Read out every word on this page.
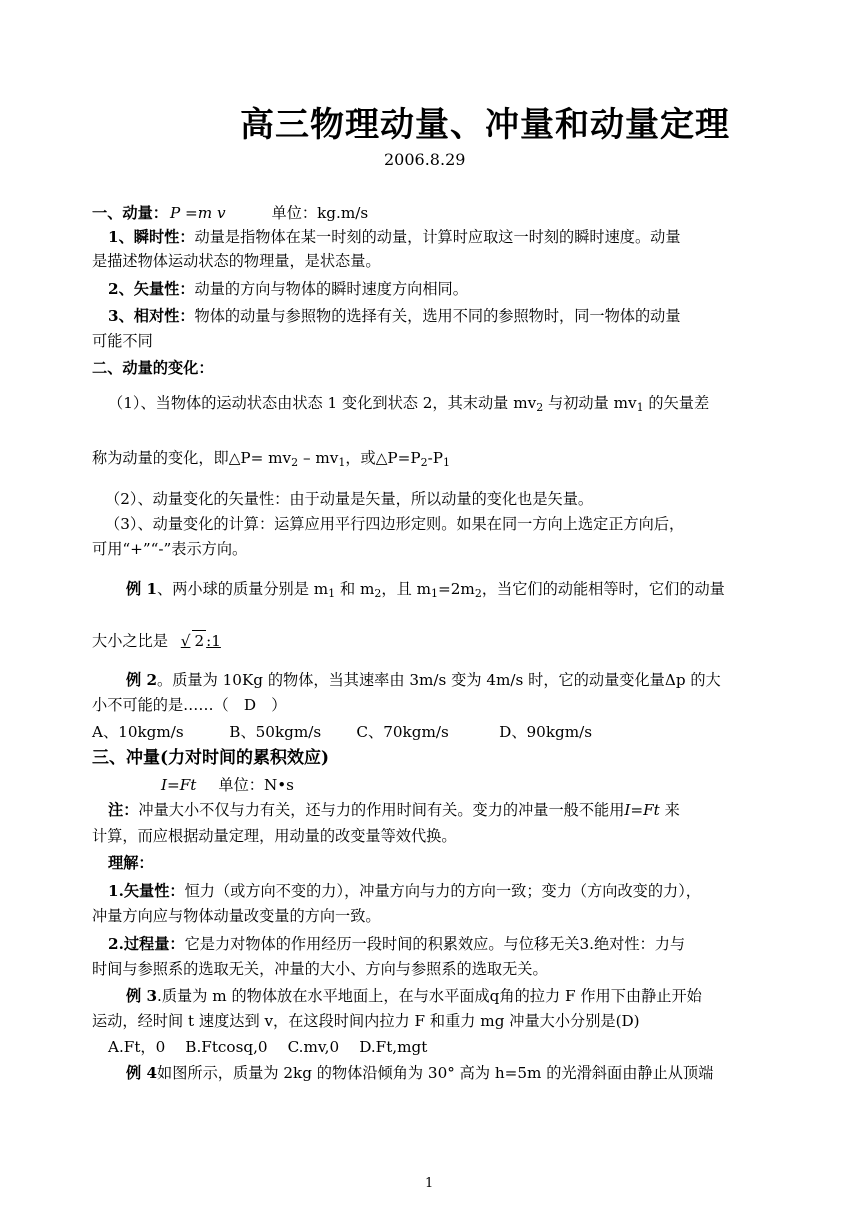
高三物理动量、冲量和动量定理
2006.8.29
一、动量： P =m v	单位：kg.m/s
1、瞬时性：动量是指物体在某一时刻的动量，计算时应取这一时刻的瞬时速度。动量
是描述物体运动状态的物理量，是状态量。
2、矢量性：动量的方向与物体的瞬时速度方向相同。
3、相对性：物体的动量与参照物的选择有关，选用不同的参照物时，同一物体的动量
可能不同
二、动量的变化：
（1）、当物体的运动状态由状态 1 变化到状态 2，其末动量 $mv_2$ 与初动量 $mv_1$ 的矢量差
称为动量的变化，即△P= $mv_2 - mv_1$，或$\triangle P=P_2-P_1$
（2）、动量变化的矢量性：由于动量是矢量，所以动量的变化也是矢量。
（3）、动量变化的计算：运算应用平行四边形定则。如果在同一方向上选定正方向后，
可用“+”“-”表示方向。
例 1、两小球的质量分别是 $m_1$ 和 $m_2$，且 $m_1=2m_2$，当它们的动能相等时，它们的动量
大小之比是 √ 2 :1
例 2。质量为 10Kg 的物体，当其速率由 3m/s 变为 4m/s 时，它的动量变化量Δp 的大
小不可能的是……（　D　）
A、10kgm/s　　　B、50kgm/s　　 C、70kgm/s　　　 D、90kgm/s
三、冲量(力对时间的累积效应)
I=Ft 单位：N•s
注：冲量大小不仅与力有关，还与力的作用时间有关。变力的冲量一般不能用I=Ft 来
计算，而应根据动量定理，用动量的改变量等效代换。
理解：
1.矢量性：恒力（或方向不变的力），冲量方向与力的方向一致；变力（方向改变的力），
冲量方向应与物体动量改变量的方向一致。
2.过程量：它是力对物体的作用经历一段时间的积累效应。与位移无关3.绝对性：力与
时间与参照系的选取无关，冲量的大小、方向与参照系的选取无关。
例 3.质量为 m 的物体放在水平地面上，在与水平面成q角的拉力 F 作用下由静止开始
运动，经时间 t 速度达到 v，在这段时间内拉力 F 和重力 mg 冲量大小分别是(D)
A.Ft，0　 B.Ftcosq,0　 C.mv,0　 D.Ft,mgt
例 4如图所示，质量为 2kg 的物体沿倾角为 30° 高为 h=5m 的光滑斜面由静止从顶端
1
